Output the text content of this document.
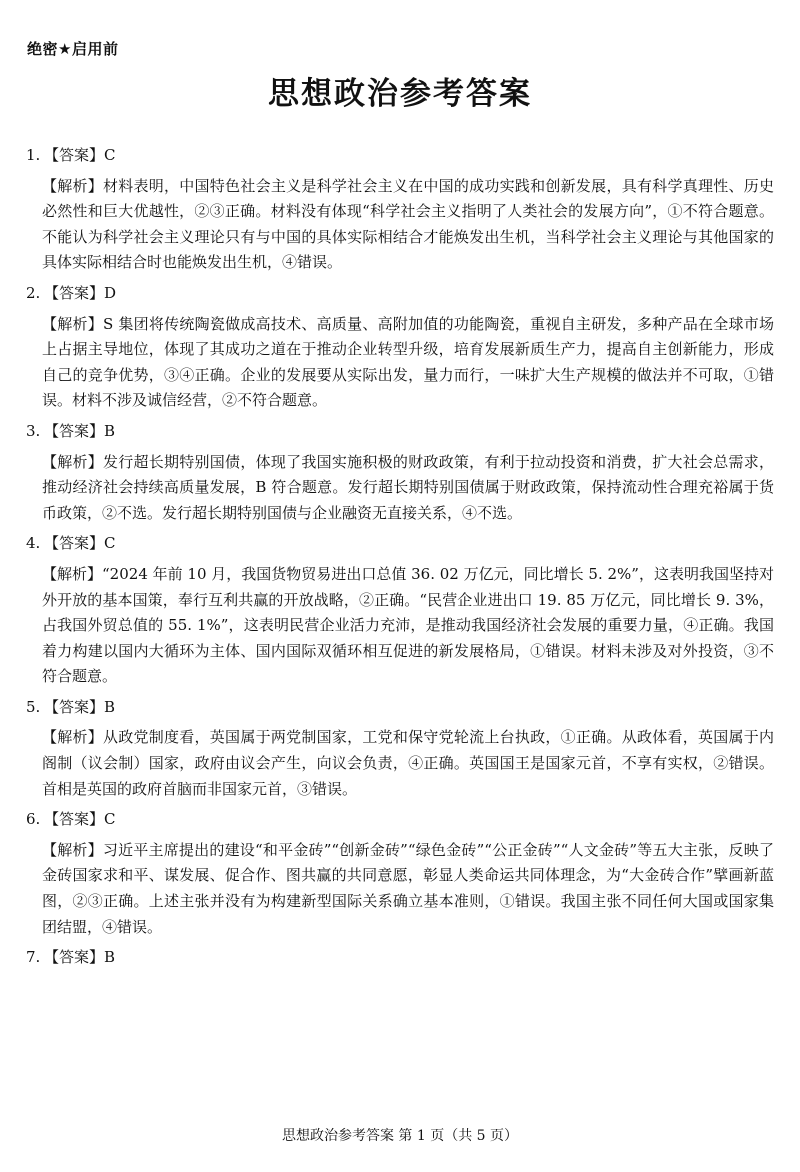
绝密★启用前
思想政治参考答案

1. 【答案】C

【解析】材料表明，中国特色社会主义是科学社会主义在中国的成功实践和创新发展，具有科学真理性、历史必然性和巨大优越性，②③正确。材料没有体现“科学社会主义指明了人类社会的发展方向”，①不符合题意。不能认为科学社会主义理论只有与中国的具体实际相结合才能焕发出生机，当科学社会主义理论与其他国家的具体实际相结合时也能焕发出生机，④错误。

2. 【答案】D

【解析】S 集团将传统陶瓷做成高技术、高质量、高附加值的功能陶瓷，重视自主研发，多种产品在全球市场上占据主导地位，体现了其成功之道在于推动企业转型升级，培育发展新质生产力，提高自主创新能力，形成自己的竞争优势，③④正确。企业的发展要从实际出发，量力而行，一味扩大生产规模的做法并不可取，①错误。材料不涉及诚信经营，②不符合题意。

3. 【答案】B

【解析】发行超长期特别国债，体现了我国实施积极的财政政策，有利于拉动投资和消费，扩大社会总需求，推动经济社会持续高质量发展，B 符合题意。发行超长期特别国债属于财政政策，保持流动性合理充裕属于货币政策，②不选。发行超长期特别国债与企业融资无直接关系，④不选。

4. 【答案】C

【解析】“2024 年前 10 月，我国货物贸易进出口总值 36. 02 万亿元，同比增长 5. 2%”，这表明我国坚持对外开放的基本国策，奉行互利共赢的开放战略，②正确。“民营企业进出口 19. 85 万亿元，同比增长 9. 3%，占我国外贸总值的 55. 1%”，这表明民营企业活力充沛，是推动我国经济社会发展的重要力量，④正确。我国着力构建以国内大循环为主体、国内国际双循环相互促进的新发展格局，①错误。材料未涉及对外投资，③不符合题意。

5. 【答案】B

【解析】从政党制度看，英国属于两党制国家，工党和保守党轮流上台执政，①正确。从政体看，英国属于内阁制（议会制）国家，政府由议会产生，向议会负责，④正确。英国国王是国家元首，不享有实权，②错误。首相是英国的政府首脑而非国家元首，③错误。

6. 【答案】C

【解析】习近平主席提出的建设“和平金砖”“创新金砖”“绿色金砖”“公正金砖”“人文金砖”等五大主张，反映了金砖国家求和平、谋发展、促合作、图共赢的共同意愿，彰显人类命运共同体理念，为“大金砖合作”擘画新蓝图，②③正确。上述主张并没有为构建新型国际关系确立基本准则，①错误。我国主张不同任何大国或国家集团结盟，④错误。

7. 【答案】B

思想政治参考答案 第 1 页（共 5 页）
